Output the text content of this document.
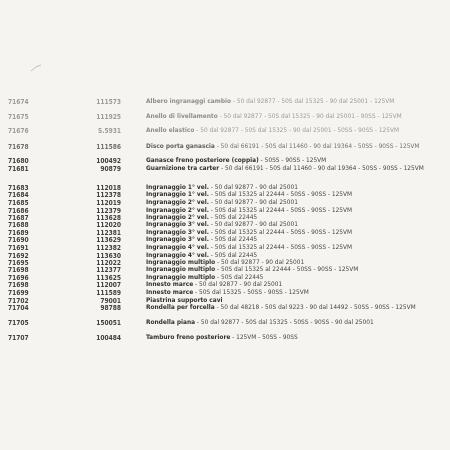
71674	111573	Albero ingranaggi cambio - 50 dal 92877 - 50S dal 15325 - 90 dal 25001 - 125VM
71675	111925	Anello di livellamento - 50 dal 92877 - 50S dal 15325 - 90 dal 25001 - 90SS - 125VM
71676	S.5931	Anello elastico - 50 dal 92877 - 50S dal 15325 - 90 dal 25001 - 50SS - 90SS - 125VM
71678	111586	Disco porta ganascia - 50 dal 66191 - 50S dal 11460 - 90 dal 19364 - 50SS - 90SS - 125VM
71680	100492	Ganasce freno posteriore (coppia) - 50SS - 90SS - 125VM
71681	90879	Guarnizione tra carter - 50 dal 66191 - 50S dal 11460 - 90 dal 19364 - 50SS - 90SS - 125VM
71683	112018	Ingranaggio 1° vel. - 50 dal 92877 - 90 dal 25001
71684	112378	Ingranaggio 1° vel. - 50S dal 15325 al 22444 - 50SS - 90SS - 125VM
71685	112019	Ingranaggio 2° vel. - 50 dal 92877 - 90 dal 25001
71686	112379	Ingranaggio 2° vel. - 50S dal 15325 al 22444 - 50SS - 90SS - 125VM
71687	113628	Ingranaggio 2° vel. - 50S dal 22445
71688	112020	Ingranaggio 3° vel. - 50 dal 92877 - 90 dal 25001
71689	112381	Ingranaggio 3° vel. - 50S dal 15325 al 22444 - 50SS - 90SS - 125VM
71690	113629	Ingranaggio 3° vel. - 50S dal 22445
71691	112382	Ingranaggio 4° vel. - 50S dal 15325 al 22444 - 50SS - 90SS - 125VM
71692	113630	Ingranaggio 4° vel. - 50S dal 22445
71695	112022	Ingranaggio multiplo - 50 dal 92877 - 90 dal 25001
71698	112377	Ingranaggio multiplo - 50S dal 15325 al 22444 - 50SS - 90SS - 125VM
71696	113625	Ingranaggio multiplo - 50S dal 22445
71698	112007	Innesto marce - 50 dal 92877 - 90 dal 25001
71699	111589	Innesto marce - 50S dal 15325 - 50SS - 90SS - 125VM
71702	79001	Piastrina supporto cavi
71704	98788	Rondella per forcella - 50 dal 48218 - 50S dal 9223 - 90 dal 14492 - 50SS - 90SS - 125VM
71705	150051	Rondella piana - 50 dal 92877 - 50S dal 15325 - 50SS - 90SS - 90 dal 25001
71707	100484	Tamburo freno posteriore - 125VM - 50SS - 90SS
